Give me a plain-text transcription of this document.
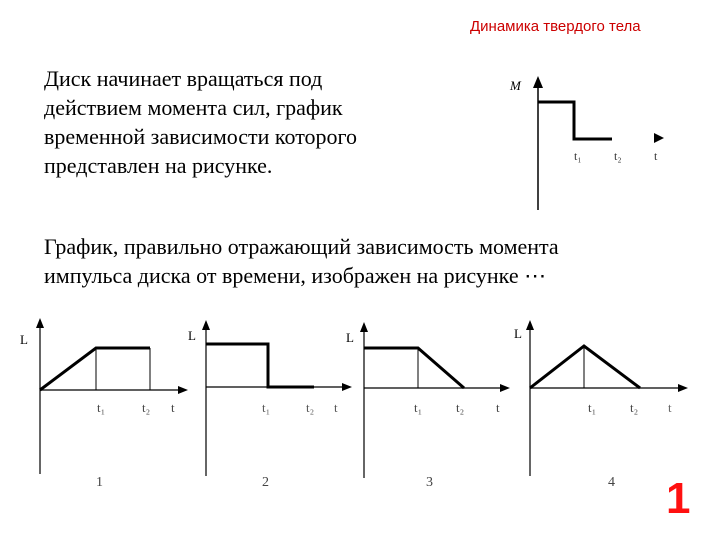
Динамика твердого тела
Диск начинает вращаться под
действием момента сил, график
временной зависимости которого
представлен на рисунке.
График, правильно отражающий зависимость момента
импульса диска от времени, изображен на рисунке ⋯
M
t₁	t₂	t
L
t₁	t₂ t
1
L
t₁	t₂ t
2
L
t₁	t₂ t
3
L
t₁	t₂ t
4 1
